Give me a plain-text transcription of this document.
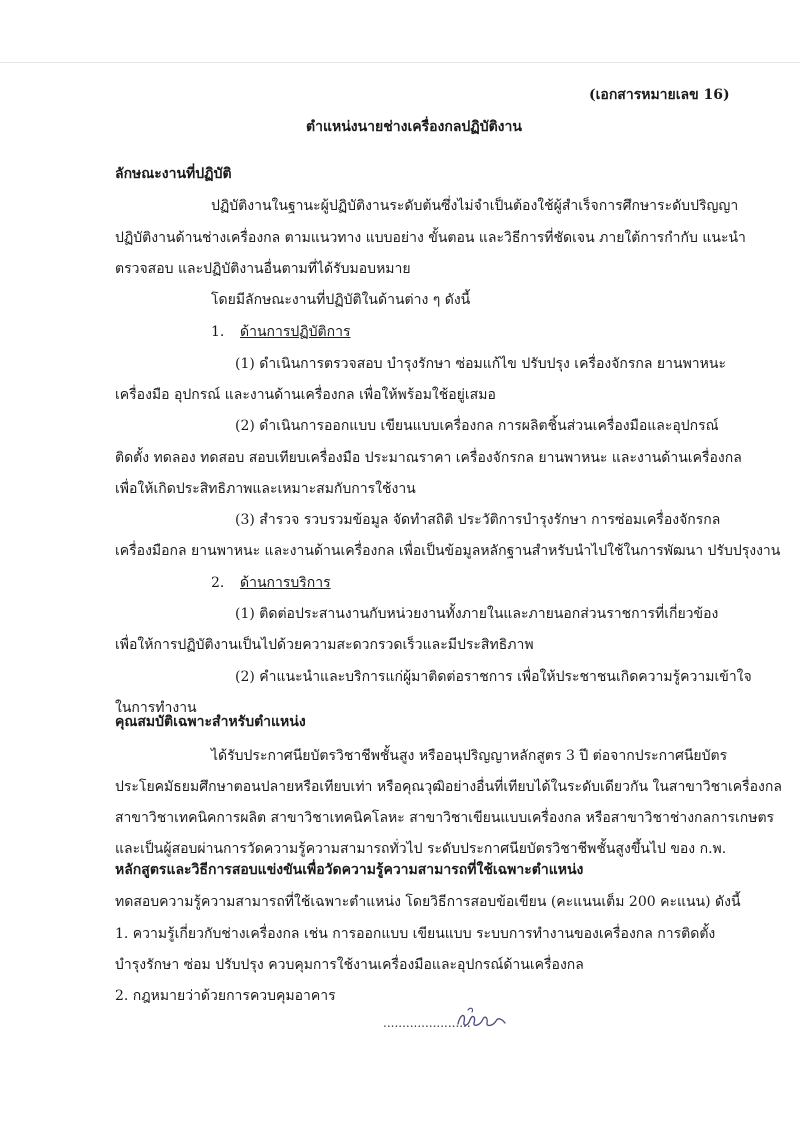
(เอกสารหมายเลข 16)
ตำแหน่งนายช่างเครื่องกลปฏิบัติงาน
ลักษณะงานที่ปฏิบัติ
ปฏิบัติงานในฐานะผู้ปฏิบัติงานระดับต้นซึ่งไม่จำเป็นต้องใช้ผู้สำเร็จการศึกษาระดับปริญญา
ปฏิบัติงานด้านช่างเครื่องกล ตามแนวทาง แบบอย่าง ขั้นตอน และวิธีการที่ชัดเจน ภายใต้การกำกับ แนะนำ
ตรวจสอบ และปฏิบัติงานอื่นตามที่ได้รับมอบหมาย
โดยมีลักษณะงานที่ปฏิบัติในด้านต่าง ๆ ดังนี้
1. ด้านการปฏิบัติการ
(1) ดำเนินการตรวจสอบ บำรุงรักษา ซ่อมแก้ไข ปรับปรุง เครื่องจักรกล ยานพาหนะ
เครื่องมือ อุปกรณ์ และงานด้านเครื่องกล เพื่อให้พร้อมใช้อยู่เสมอ
(2) ดำเนินการออกแบบ เขียนแบบเครื่องกล การผลิตชิ้นส่วนเครื่องมือและอุปกรณ์
ติดตั้ง ทดลอง ทดสอบ สอบเทียบเครื่องมือ ประมาณราคา เครื่องจักรกล ยานพาหนะ และงานด้านเครื่องกล
เพื่อให้เกิดประสิทธิภาพและเหมาะสมกับการใช้งาน
(3) สำรวจ รวบรวมข้อมูล จัดทำสถิติ ประวัติการบำรุงรักษา การซ่อมเครื่องจักรกล
เครื่องมือกล ยานพาหนะ และงานด้านเครื่องกล เพื่อเป็นข้อมูลหลักฐานสำหรับนำไปใช้ในการพัฒนา ปรับปรุงงาน
2. ด้านการบริการ
(1) ติดต่อประสานงานกับหน่วยงานทั้งภายในและภายนอกส่วนราชการที่เกี่ยวข้อง
เพื่อให้การปฏิบัติงานเป็นไปด้วยความสะดวกรวดเร็วและมีประสิทธิภาพ
(2) คำแนะนำและบริการแก่ผู้มาติดต่อราชการ เพื่อให้ประชาชนเกิดความรู้ความเข้าใจ
ในการทำงาน
คุณสมบัติเฉพาะสำหรับตำแหน่ง
ได้รับประกาศนียบัตรวิชาชีพชั้นสูง หรืออนุปริญญาหลักสูตร 3 ปี ต่อจากประกาศนียบัตร
ประโยคมัธยมศึกษาตอนปลายหรือเทียบเท่า หรือคุณวุฒิอย่างอื่นที่เทียบได้ในระดับเดียวกัน ในสาขาวิชาเครื่องกล
สาขาวิชาเทคนิคการผลิต สาขาวิชาเทคนิคโลหะ สาขาวิชาเขียนแบบเครื่องกล หรือสาขาวิชาช่างกลการเกษตร
และเป็นผู้สอบผ่านการวัดความรู้ความสามารถทั่วไป ระดับประกาศนียบัตรวิชาชีพชั้นสูงขึ้นไป ของ ก.พ.
หลักสูตรและวิธีการสอบแข่งขันเพื่อวัดความรู้ความสามารถที่ใช้เฉพาะตำแหน่ง
ทดสอบความรู้ความสามารถที่ใช้เฉพาะตำแหน่ง โดยวิธีการสอบข้อเขียน (คะแนนเต็ม 200 คะแนน) ดังนี้
1. ความรู้เกี่ยวกับช่างเครื่องกล เช่น การออกแบบ เขียนแบบ ระบบการทำงานของเครื่องกล การติดตั้ง
บำรุงรักษา ซ่อม ปรับปรุง ควบคุมการใช้งานเครื่องมือและอุปกรณ์ด้านเครื่องกล
2. กฎหมายว่าด้วยการควบคุมอาคาร
.......................
